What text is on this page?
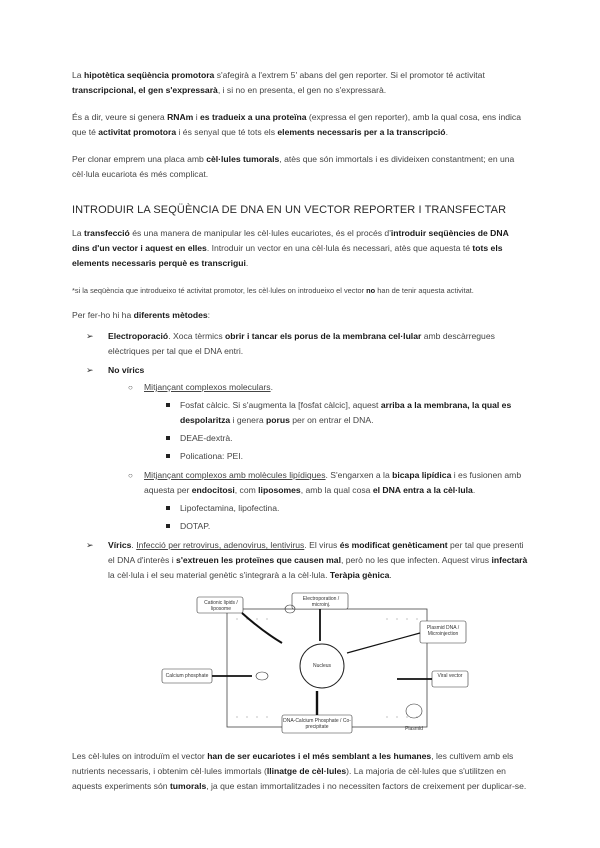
La hipotètica seqüència promotora s'afegirà a l'extrem 5' abans del gen reporter. Si el promotor té activitat transcripcional, el gen s'expressarà, i si no en presenta, el gen no s'expressarà.

És a dir, veure si genera RNAm i es tradueix a una proteïna (expressa el gen reporter), amb la qual cosa, ens indica que té activitat promotora i és senyal que té tots els elements necessaris per a la transcripció.

Per clonar emprem una placa amb cèl·lules tumorals, atès que són immortals i es divideixen constantment; en una cèl·lula eucariota és més complicat.

INTRODUIR LA SEQÜÈNCIA DE DNA EN UN VECTOR REPORTER I TRANSFECTAR

La transfecció és una manera de manipular les cèl·lules eucariotes, és el procés d'introduir seqüències de DNA dins d'un vector i aquest en elles. Introduir un vector en una cèl·lula és necessari, atès que aquesta té tots els elements necessaris perquè es transcrigui.

*si la seqüència que introdueixo té activitat promotor, les cèl·lules on introdueixo el vector no han de tenir aquesta activitat.

Per fer-ho hi ha diferents mètodes:

➢ Electroporació. Xoca tèrmics obrir i tancar els porus de la membrana cel·lular amb descàrregues elèctriques per tal que el DNA entri.
➢ No vírics
○ Mitjançant complexos moleculars.
Fosfat càlcic. Si s'augmenta la [fosfat càlcic], aquest arriba a la membrana, la qual es despolaritza i genera porus per on entrar el DNA.
DEAE-dextrà.
Policationa: PEI.
○ Mitjançant complexos amb molècules lipídiques. S'engarxen a la bicapa lipídica i es fusionen amb aquesta per endocitosi, com liposomes, amb la qual cosa el DNA entra a la cèl·lula.
Lipofectamina, lipofectina.
DOTAP.
➢ Vírics. Infecció per retrovirus, adenovirus, lentivirus. El virus és modificat genèticament per tal que presenti el DNA d'interès i s'extreuen les proteïnes que causen mal, però no les que infecten. Aquest virus infectarà la cèl·lula i el seu material genètic s'integrarà a la cèl·lula. Teràpia gènica.
Cationic lipids / liposome
Electroporation / microinj.
Plasmid DNA / Microinjection
Calcium phosphate	Viral vector
DNA-Calcium Phosphate / Co-precipitate
Nucleus
Plasmid

Les cèl·lules on introduïm el vector han de ser eucariotes i el més semblant a les humanes, les cultivem amb els nutrients necessaris, i obtenim cèl·lules immortals (llinatge de cèl·lules). La majoria de cèl·lules que s'utilitzen en aquests experiments són tumorals, ja que estan immortalitzades i no necessiten factors de creixement per duplicar-se.
